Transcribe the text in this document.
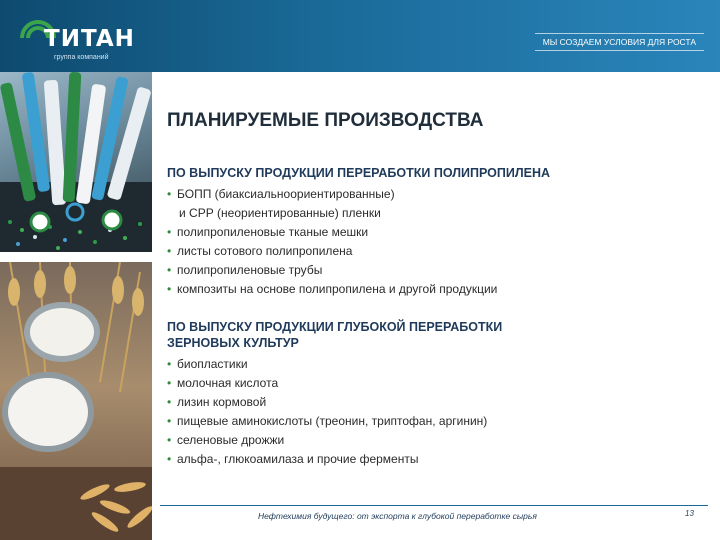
TИTAH
группа компаний
МЫ СОЗДАЕМ УСЛОВИЯ ДЛЯ РОСТА
ПЛАНИРУЕМЫЕ ПРОИЗВОДСТВА
ПО ВЫПУСКУ ПРОДУКЦИИ ПЕРЕРАБОТКИ ПОЛИПРОПИЛЕНА
• БОПП (биаксиальноориентированные)
и СРР (неориентированные) пленки
• полипропиленовые тканые мешки
• листы сотового полипропилена
• полипропиленовые трубы
• композиты на основе полипропилена и другой продукции
ПО ВЫПУСКУ ПРОДУКЦИИ ГЛУБОКОЙ ПЕРЕРАБОТКИ
ЗЕРНОВЫХ КУЛЬТУР
• биопластики
• молочная кислота
• лизин кормовой
• пищевые аминокислоты (треонин, триптофан, аргинин)
• селеновые дрожжи
• альфа-, глюкоамилаза и прочие ферменты
Нефтехимия будущего: от экспорта к глубокой переработке сырья	13
